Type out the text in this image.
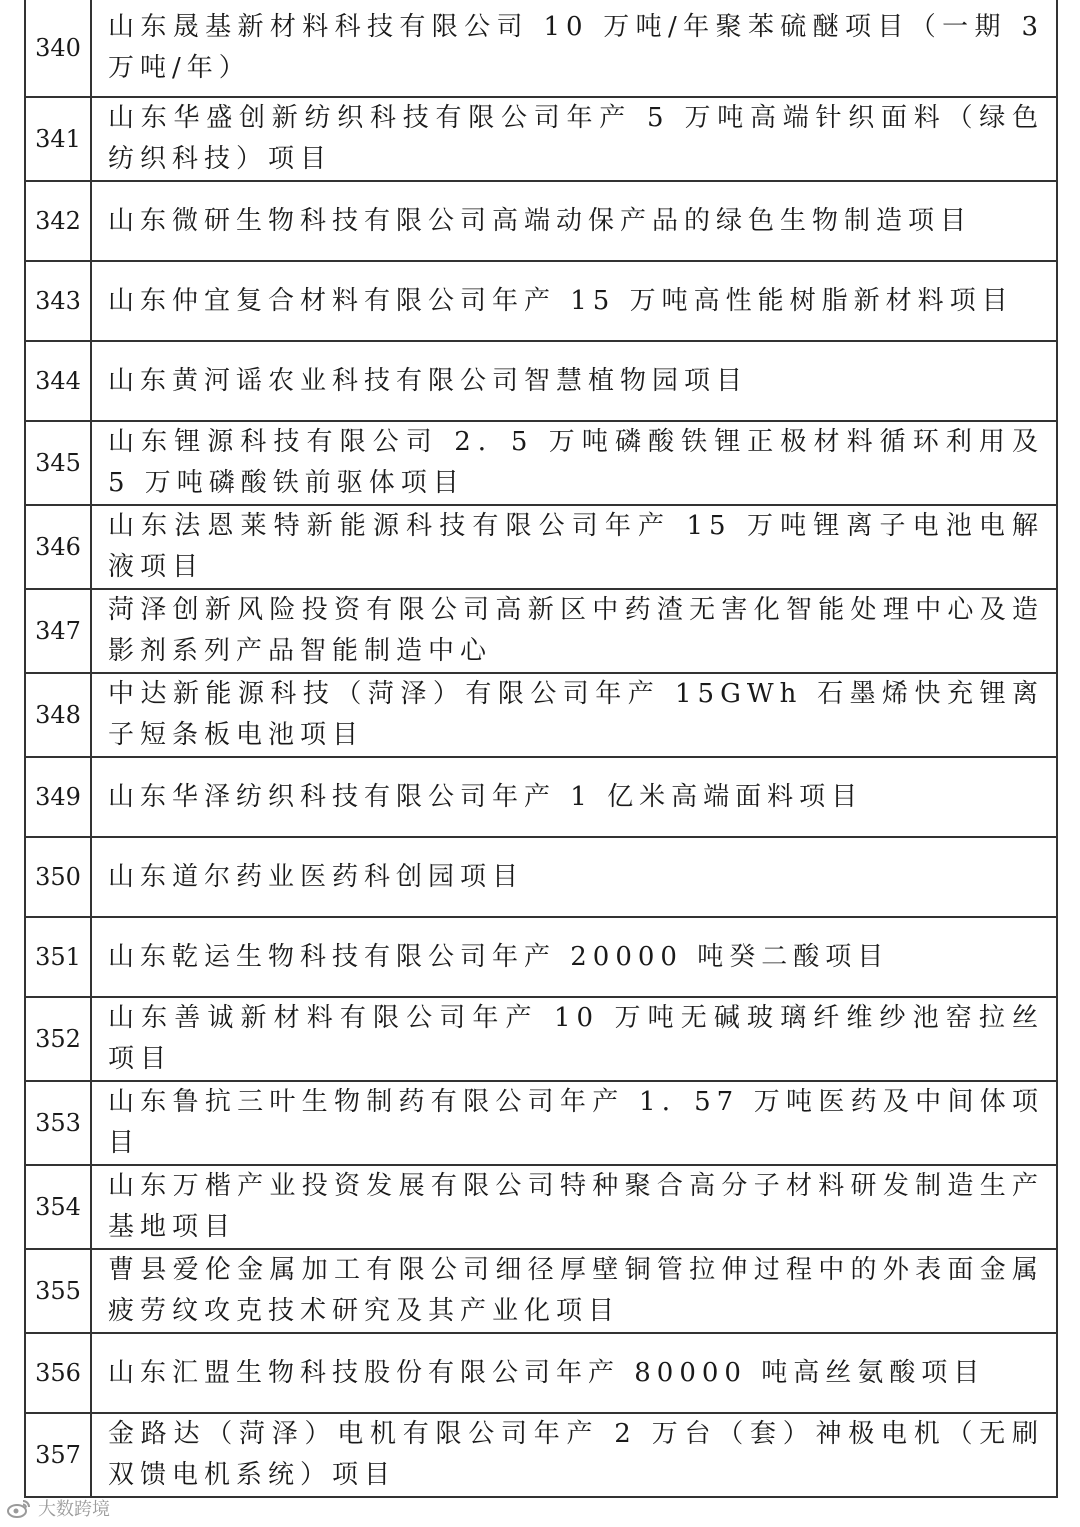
340	山东晟基新材料科技有限公司 10 万吨/年聚苯硫醚项目（一期 3 万吨/年）
341	山东华盛创新纺织科技有限公司年产 5 万吨高端针织面料（绿色纺织科技）项目
342	山东微研生物科技有限公司高端动保产品的绿色生物制造项目
343	山东仲宜复合材料有限公司年产 15 万吨高性能树脂新材料项目
344	山东黄河谣农业科技有限公司智慧植物园项目
345	山东锂源科技有限公司 2．5 万吨磷酸铁锂正极材料循环利用及 5 万吨磷酸铁前驱体项目
346	山东法恩莱特新能源科技有限公司年产 15 万吨锂离子电池电解液项目
347	菏泽创新风险投资有限公司高新区中药渣无害化智能处理中心及造影剂系列产品智能制造中心
348	中达新能源科技（菏泽）有限公司年产 15GWh 石墨烯快充锂离子短条板电池项目
349	山东华泽纺织科技有限公司年产 1 亿米高端面料项目
350	山东道尔药业医药科创园项目
351	山东乾运生物科技有限公司年产 20000 吨癸二酸项目
352	山东善诚新材料有限公司年产 10 万吨无碱玻璃纤维纱池窑拉丝项目
353	山东鲁抗三叶生物制药有限公司年产 1．57 万吨医药及中间体项目
354	山东万楷产业投资发展有限公司特种聚合高分子材料研发制造生产基地项目
355	曹县爱伦金属加工有限公司细径厚壁铜管拉伸过程中的外表面金属疲劳纹攻克技术研究及其产业化项目
356	山东汇盟生物科技股份有限公司年产 80000 吨高丝氨酸项目
357	金路达（菏泽）电机有限公司年产 2 万台（套）神极电机（无刷双馈电机系统）项目
大数跨境
